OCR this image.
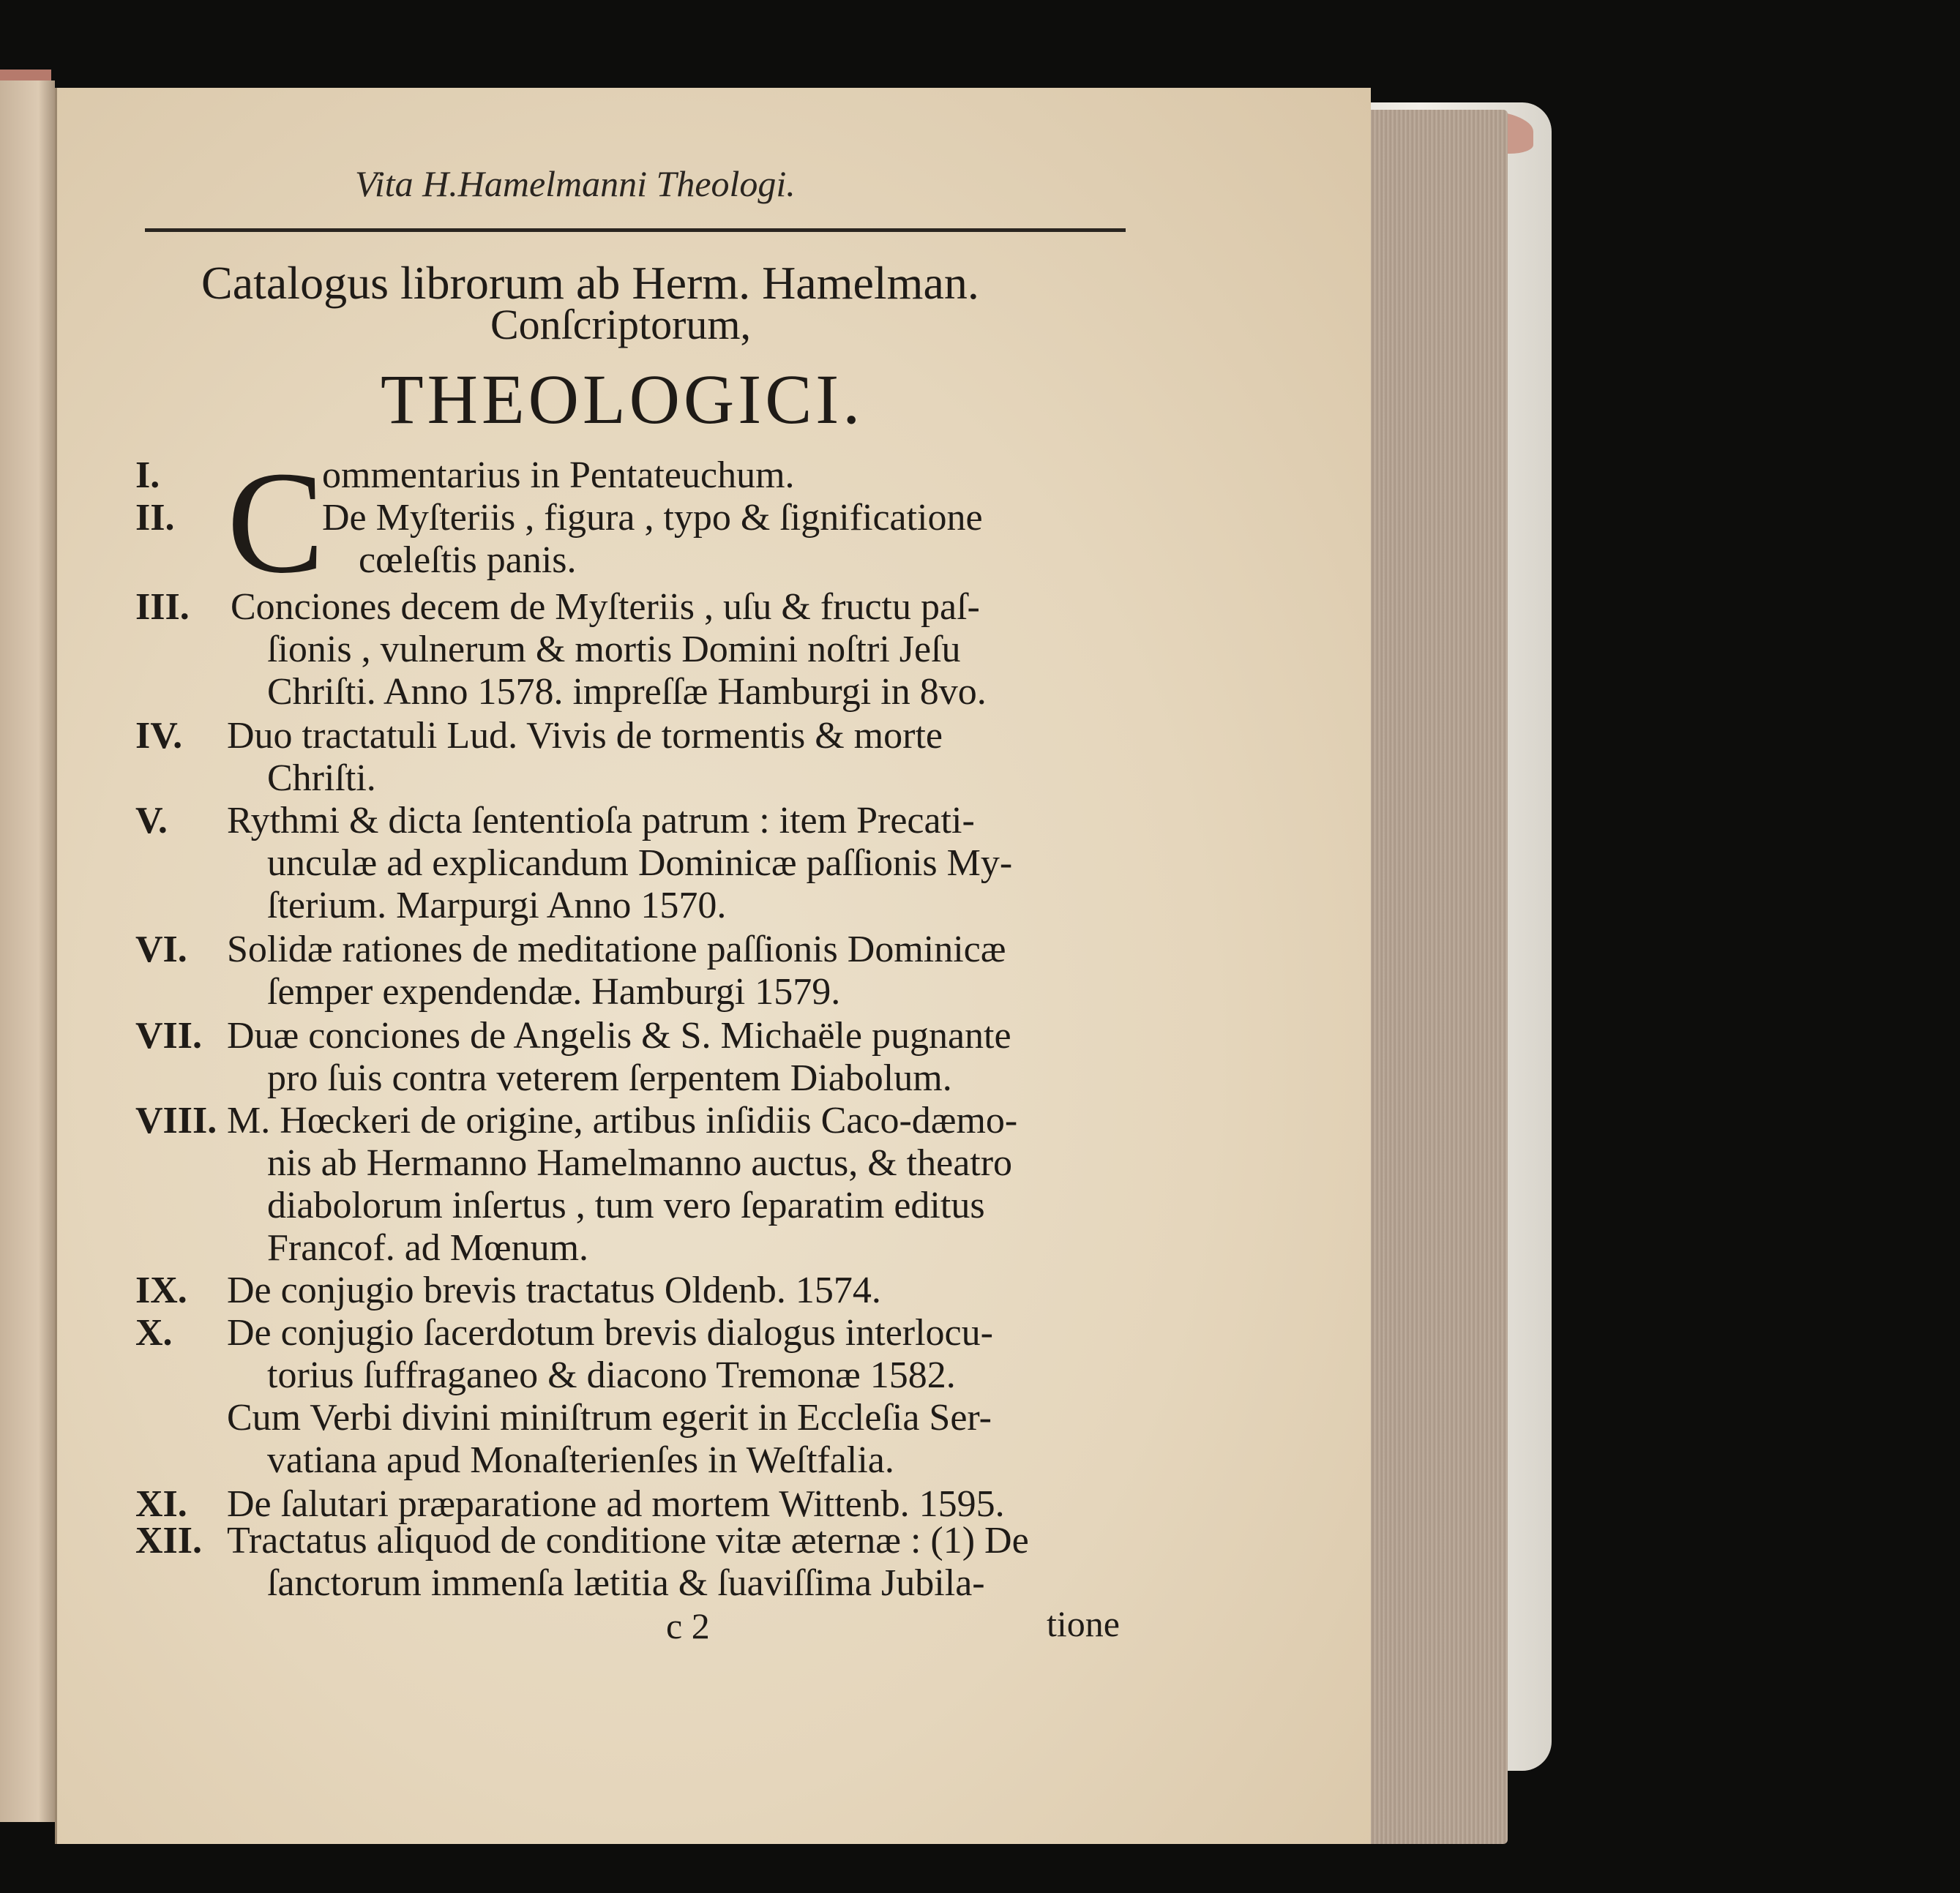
Vita H.Hamelmanni Theologi.
Catalogus librorum ab Herm. Hamelman.
Conſcriptorum,
THEOLOGICI.
C
I.	ommentarius in Pentateuchum.
II.	De Myſteriis , figura , typo & ſignificatione
cœleſtis panis.
III.	Conciones decem de Myſteriis , uſu & fructu paſ-
ſionis , vulnerum & mortis Domini noſtri Jeſu
Chriſti. Anno 1578. impreſſæ Hamburgi in 8vo.
IV.	Duo tractatuli Lud. Vivis de tormentis & morte
Chriſti.
V.	Rythmi & dicta ſententioſa patrum : item Precati-
unculæ ad explicandum Dominicæ paſſionis My-
ſterium. Marpurgi Anno 1570.
VI.	Solidæ rationes de meditatione paſſionis Dominicæ
ſemper expendendæ. Hamburgi 1579.
VII. Duæ conciones de Angelis & S. Michaële pugnante
pro ſuis contra veterem ſerpentem Diabolum.
VIII. M. Hœckeri de origine, artibus inſidiis Caco-dæmo-
nis ab Hermanno Hamelmanno auctus, & theatro
diabolorum inſertus , tum vero ſeparatim editus
Francof. ad Mœnum.
IX.	De conjugio brevis tractatus Oldenb. 1574.
X.	De conjugio ſacerdotum brevis dialogus interlocu-
torius ſuffraganeo & diacono Tremonæ 1582.
Cum Verbi divini miniſtrum egerit in Eccleſia Ser-
vatiana apud Monaſterienſes in Weſtfalia.
XI.	De ſalutari præparatione ad mortem Wittenb. 1595.
XII. Tractatus aliquod de conditione vitæ æternæ : (1) De
ſanctorum immenſa lætitia & ſuaviſſima Jubila-
c 2	tione
